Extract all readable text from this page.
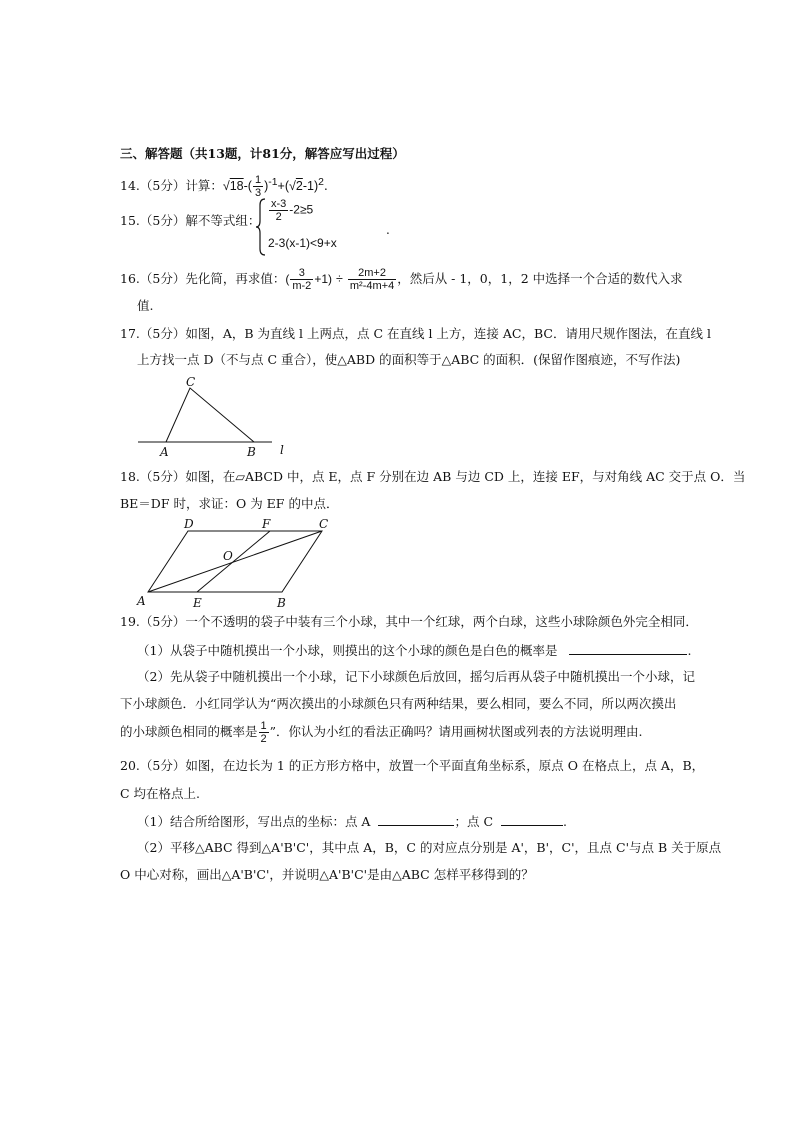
三、解答题（共13题，计81分，解答应写出过程）
14.（5分）计算：$√18-( \frac{1}{3} )^{-1}+(√2-1)^2$.
15.（5分）解不等式组： $\frac{x-3}{2} -2\ge 5$
2-3(x-1)<9+x
.
16.（5分）先化简，再求值：( $\frac{3}{m-2} +1) \div \frac{2m+2}{\text{m²-4m+4}}$ ，然后从 - 1，0，1，2 中选择一个合适的数代入求
值.
17.（5分）如图，A，B 为直线 l 上两点，点 C 在直线 l 上方，连接 AC，BC．请用尺规作图法，在直线 l
上方找一点 D（不与点 C 重合），使△ABD 的面积等于△ABC 的面积．(保留作图痕迹，不写作法)
C
A	B l
18.（5分）如图，在▱ABCD 中，点 E，点 F 分别在边 AB 与边 CD 上，连接 EF，与对角线 AC 交于点 O．当
BE＝DF 时，求证：O 为 EF 的中点．
D	F	C
O
A	E	B
19.（5分）一个不透明的袋子中装有三个小球，其中一个红球，两个白球，这些小球除颜色外完全相同．
（1）从袋子中随机摸出一个小球，则摸出的这个小球的颜色是白色的概率是	.
（2）先从袋子中随机摸出一个小球，记下小球颜色后放回，摇匀后再从袋子中随机摸出一个小球，记
下小球颜色．小红同学认为“两次摸出的小球颜色只有两种结果，要么相同，要么不同，所以两次摸出
的小球颜色相同的概率是 $\frac{1}{2}$ ”．你认为小红的看法正确吗？请用画树状图或列表的方法说明理由.
20.（5分）如图，在边长为 1 的正方形方格中，放置一个平面直角坐标系，原点 O 在格点上，点 A，B，
C 均在格点上.
（1）结合所给图形，写出点的坐标：点 A	；点 C	.
（2）平移△ABC 得到△A'B'C'，其中点 A，B，C 的对应点分别是 A'，B'，C'，且点 C'与点 B 关于原点
O 中心对称，画出△A'B'C'，并说明△A'B'C'是由△ABC 怎样平移得到的？
